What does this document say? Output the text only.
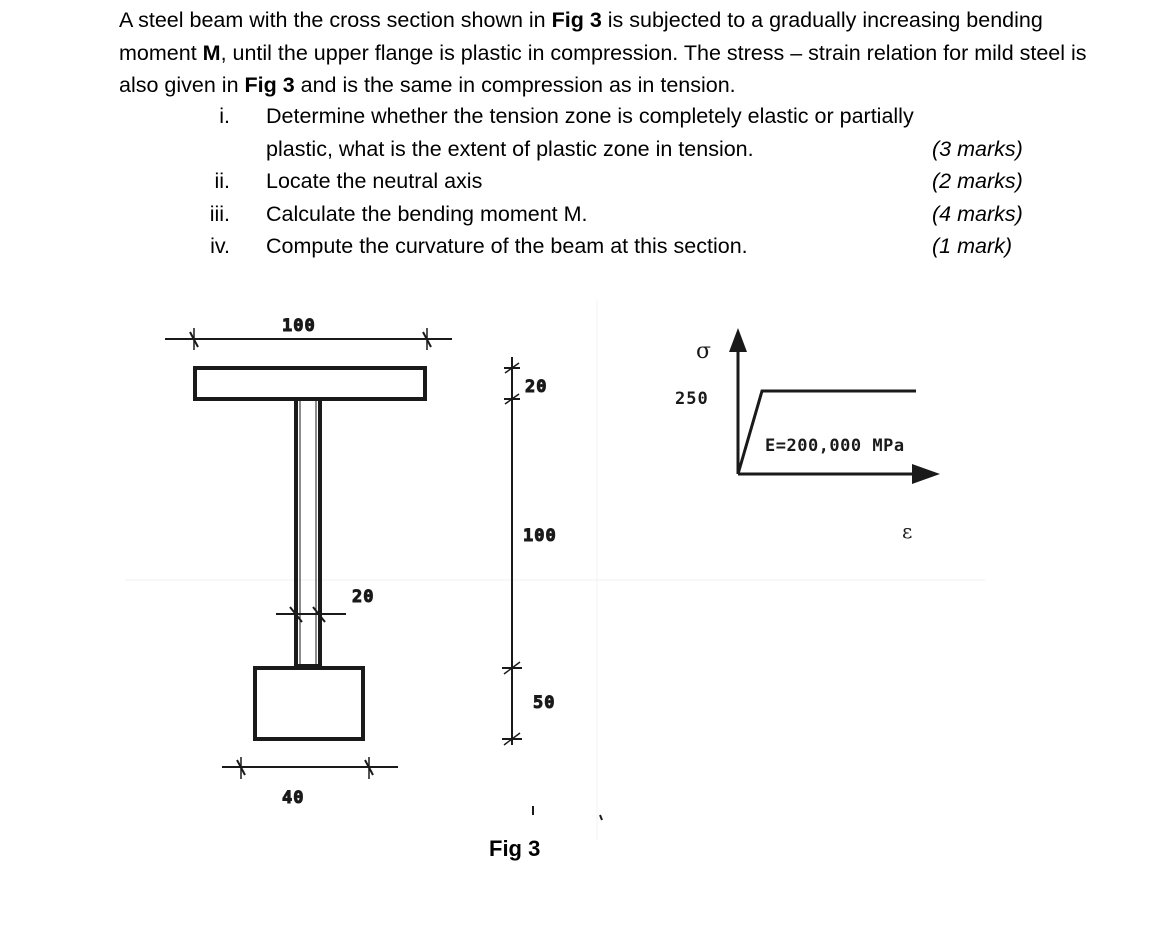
A steel beam with the cross section shown in Fig 3 is subjected to a gradually increasing bending moment M, until the upper flange is plastic in compression. The stress – strain relation for mild steel is also given in Fig 3 and is the same in compression as in tension.

i. Determine whether the tension zone is completely elastic or partially
plastic, what is the extent of plastic zone in tension.	(3 marks)
ii. Locate the neutral axis	(2 marks)
iii. Calculate the bending moment M.	(4 marks)
iv. Compute the curvature of the beam at this section.	(1 mark)
100
20
40
20
100
50
σ
250
E=200,000 MPa
ε
Fig 3
